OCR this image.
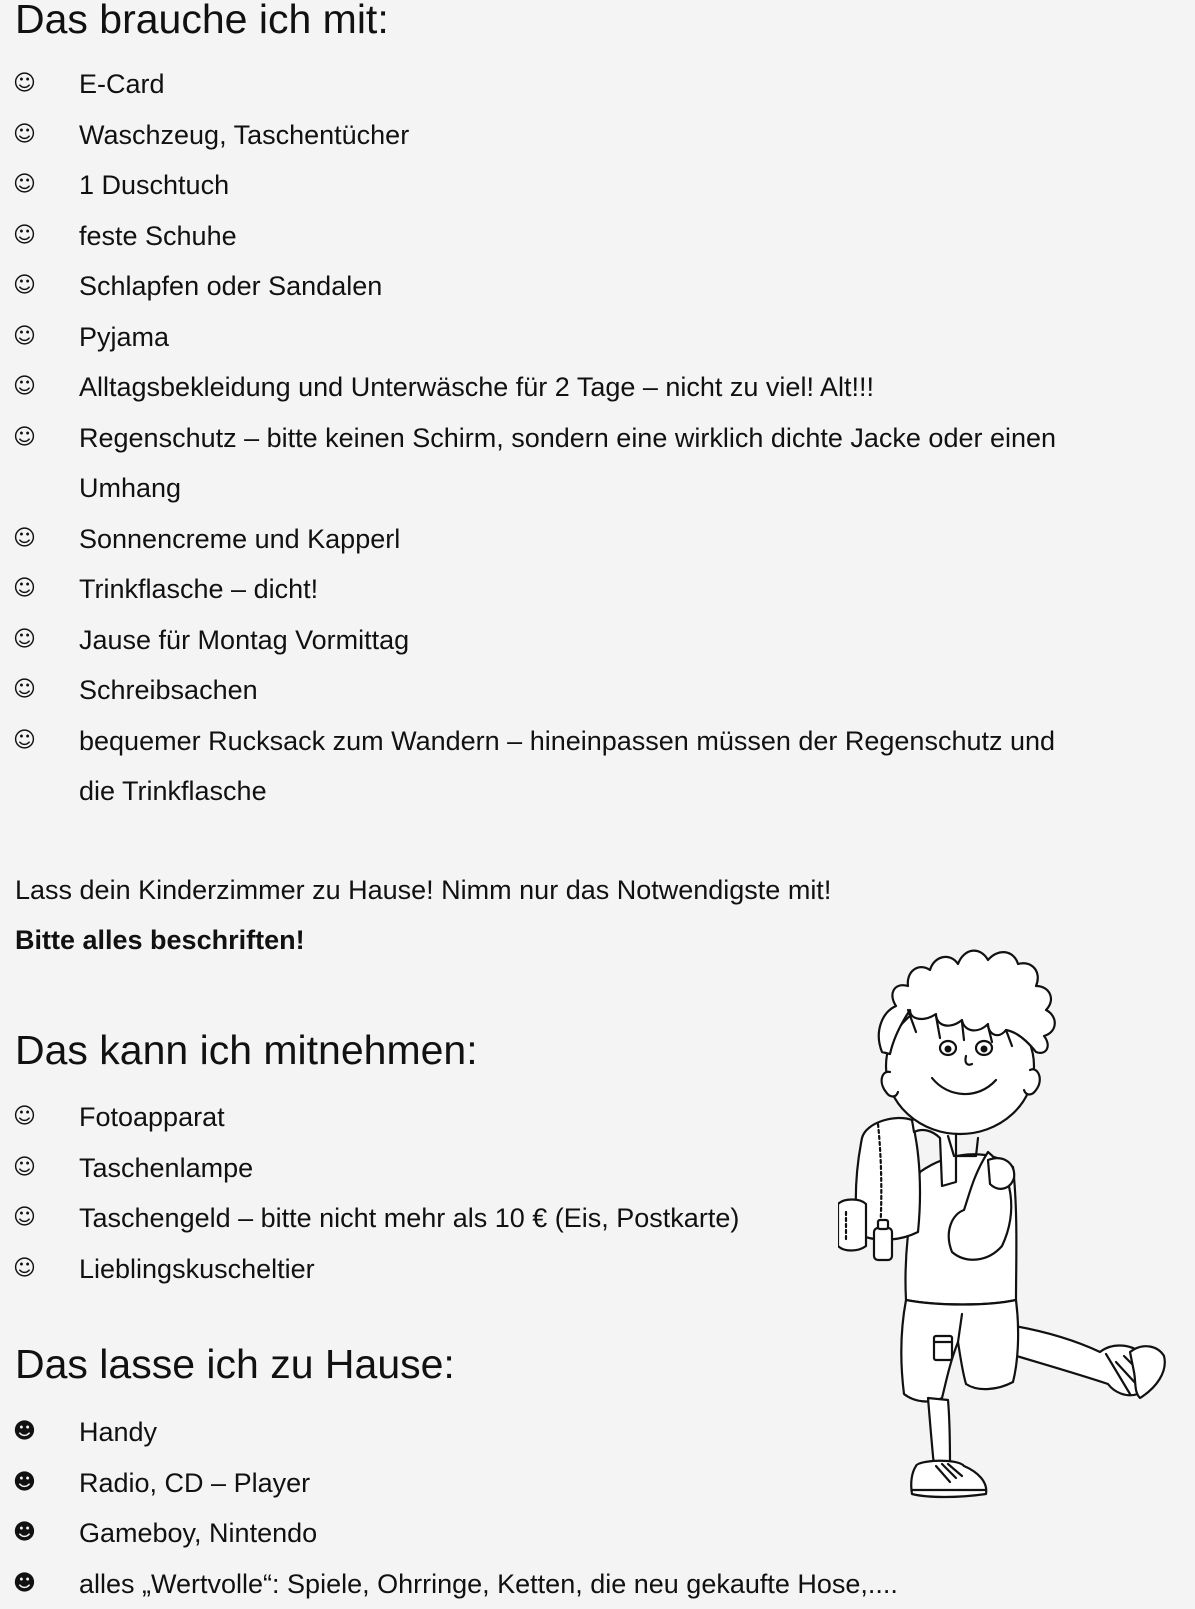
Das brauche ich mit:
☺ E-Card
☺ Waschzeug, Taschentücher
☺ 1 Duschtuch
☺ feste Schuhe
☺ Schlapfen oder Sandalen
☺ Pyjama
☺ Alltagsbekleidung und Unterwäsche für 2 Tage – nicht zu viel! Alt!!!
☺ Regenschutz – bitte keinen Schirm, sondern eine wirklich dichte Jacke oder einen
Umhang
☺ Sonnencreme und Kapperl
☺ Trinkflasche – dicht!
☺ Jause für Montag Vormittag
☺ Schreibsachen
☺ bequemer Rucksack zum Wandern – hineinpassen müssen der Regenschutz und
die Trinkflasche

Lass dein Kinderzimmer zu Hause! Nimm nur das Notwendigste mit!

Bitte alles beschriften!

Das kann ich mitnehmen:
☺ Fotoapparat
☺ Taschenlampe
☺ Taschengeld – bitte nicht mehr als 10 € (Eis, Postkarte)
☺ Lieblingskuscheltier
Das lasse ich zu Hause:
☻ Handy
☻ Radio, CD – Player
☻ Gameboy, Nintendo
☻ alles „Wertvolle“: Spiele, Ohrringe, Ketten, die neu gekaufte Hose,....
